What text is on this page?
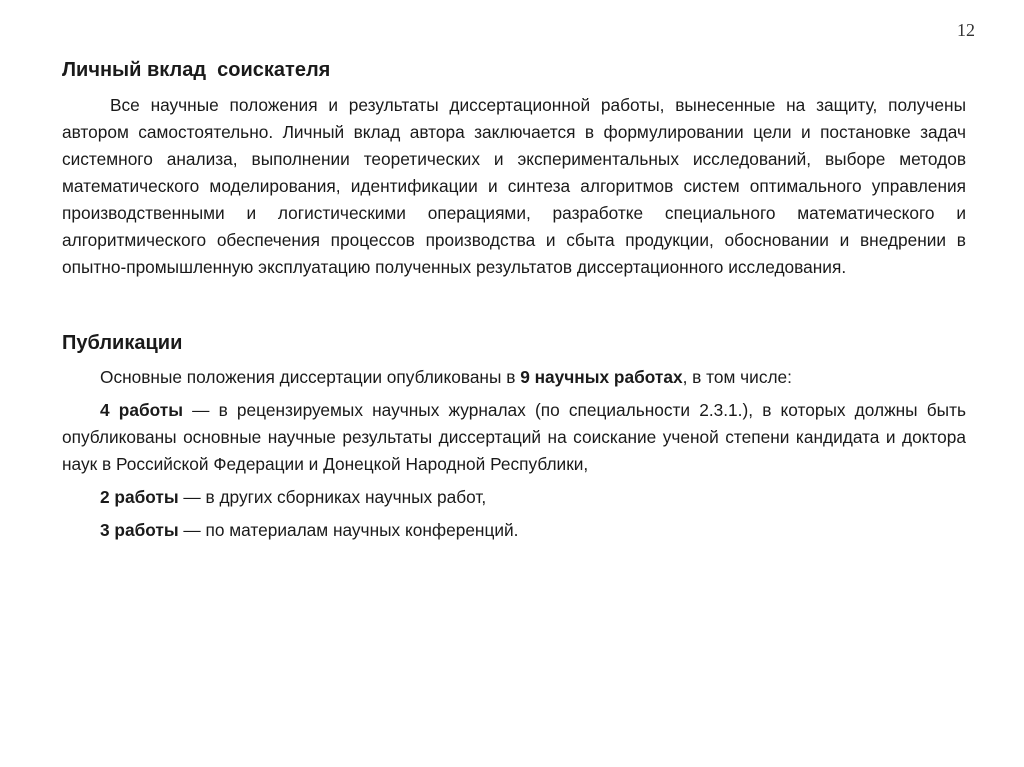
12
Личный вклад  соискателя

Все научные положения и результаты диссертационной работы, вынесенные на защиту, получены автором самостоятельно. Личный вклад автора заключается в формулировании цели и постановке задач системного анализа, выполнении теоретических и экспериментальных исследований, выборе методов математического моделирования, идентификации и синтеза алгоритмов систем оптимального управления производственными и логистическими операциями, разработке специального математического и алгоритмического обеспечения процессов производства и сбыта продукции, обосновании и внедрении в опытно-промышленную эксплуатацию полученных результатов диссертационного исследования.

Публикации

Основные положения диссертации опубликованы в 9 научных работах, в том числе:

4 работы — в рецензируемых научных журналах (по специальности 2.3.1.), в которых должны быть опубликованы основные научные результаты диссертаций на соискание ученой степени кандидата и доктора наук в Российской Федерации и Донецкой Народной Республики,

2 работы — в других сборниках научных работ,

3 работы — по материалам научных конференций.
